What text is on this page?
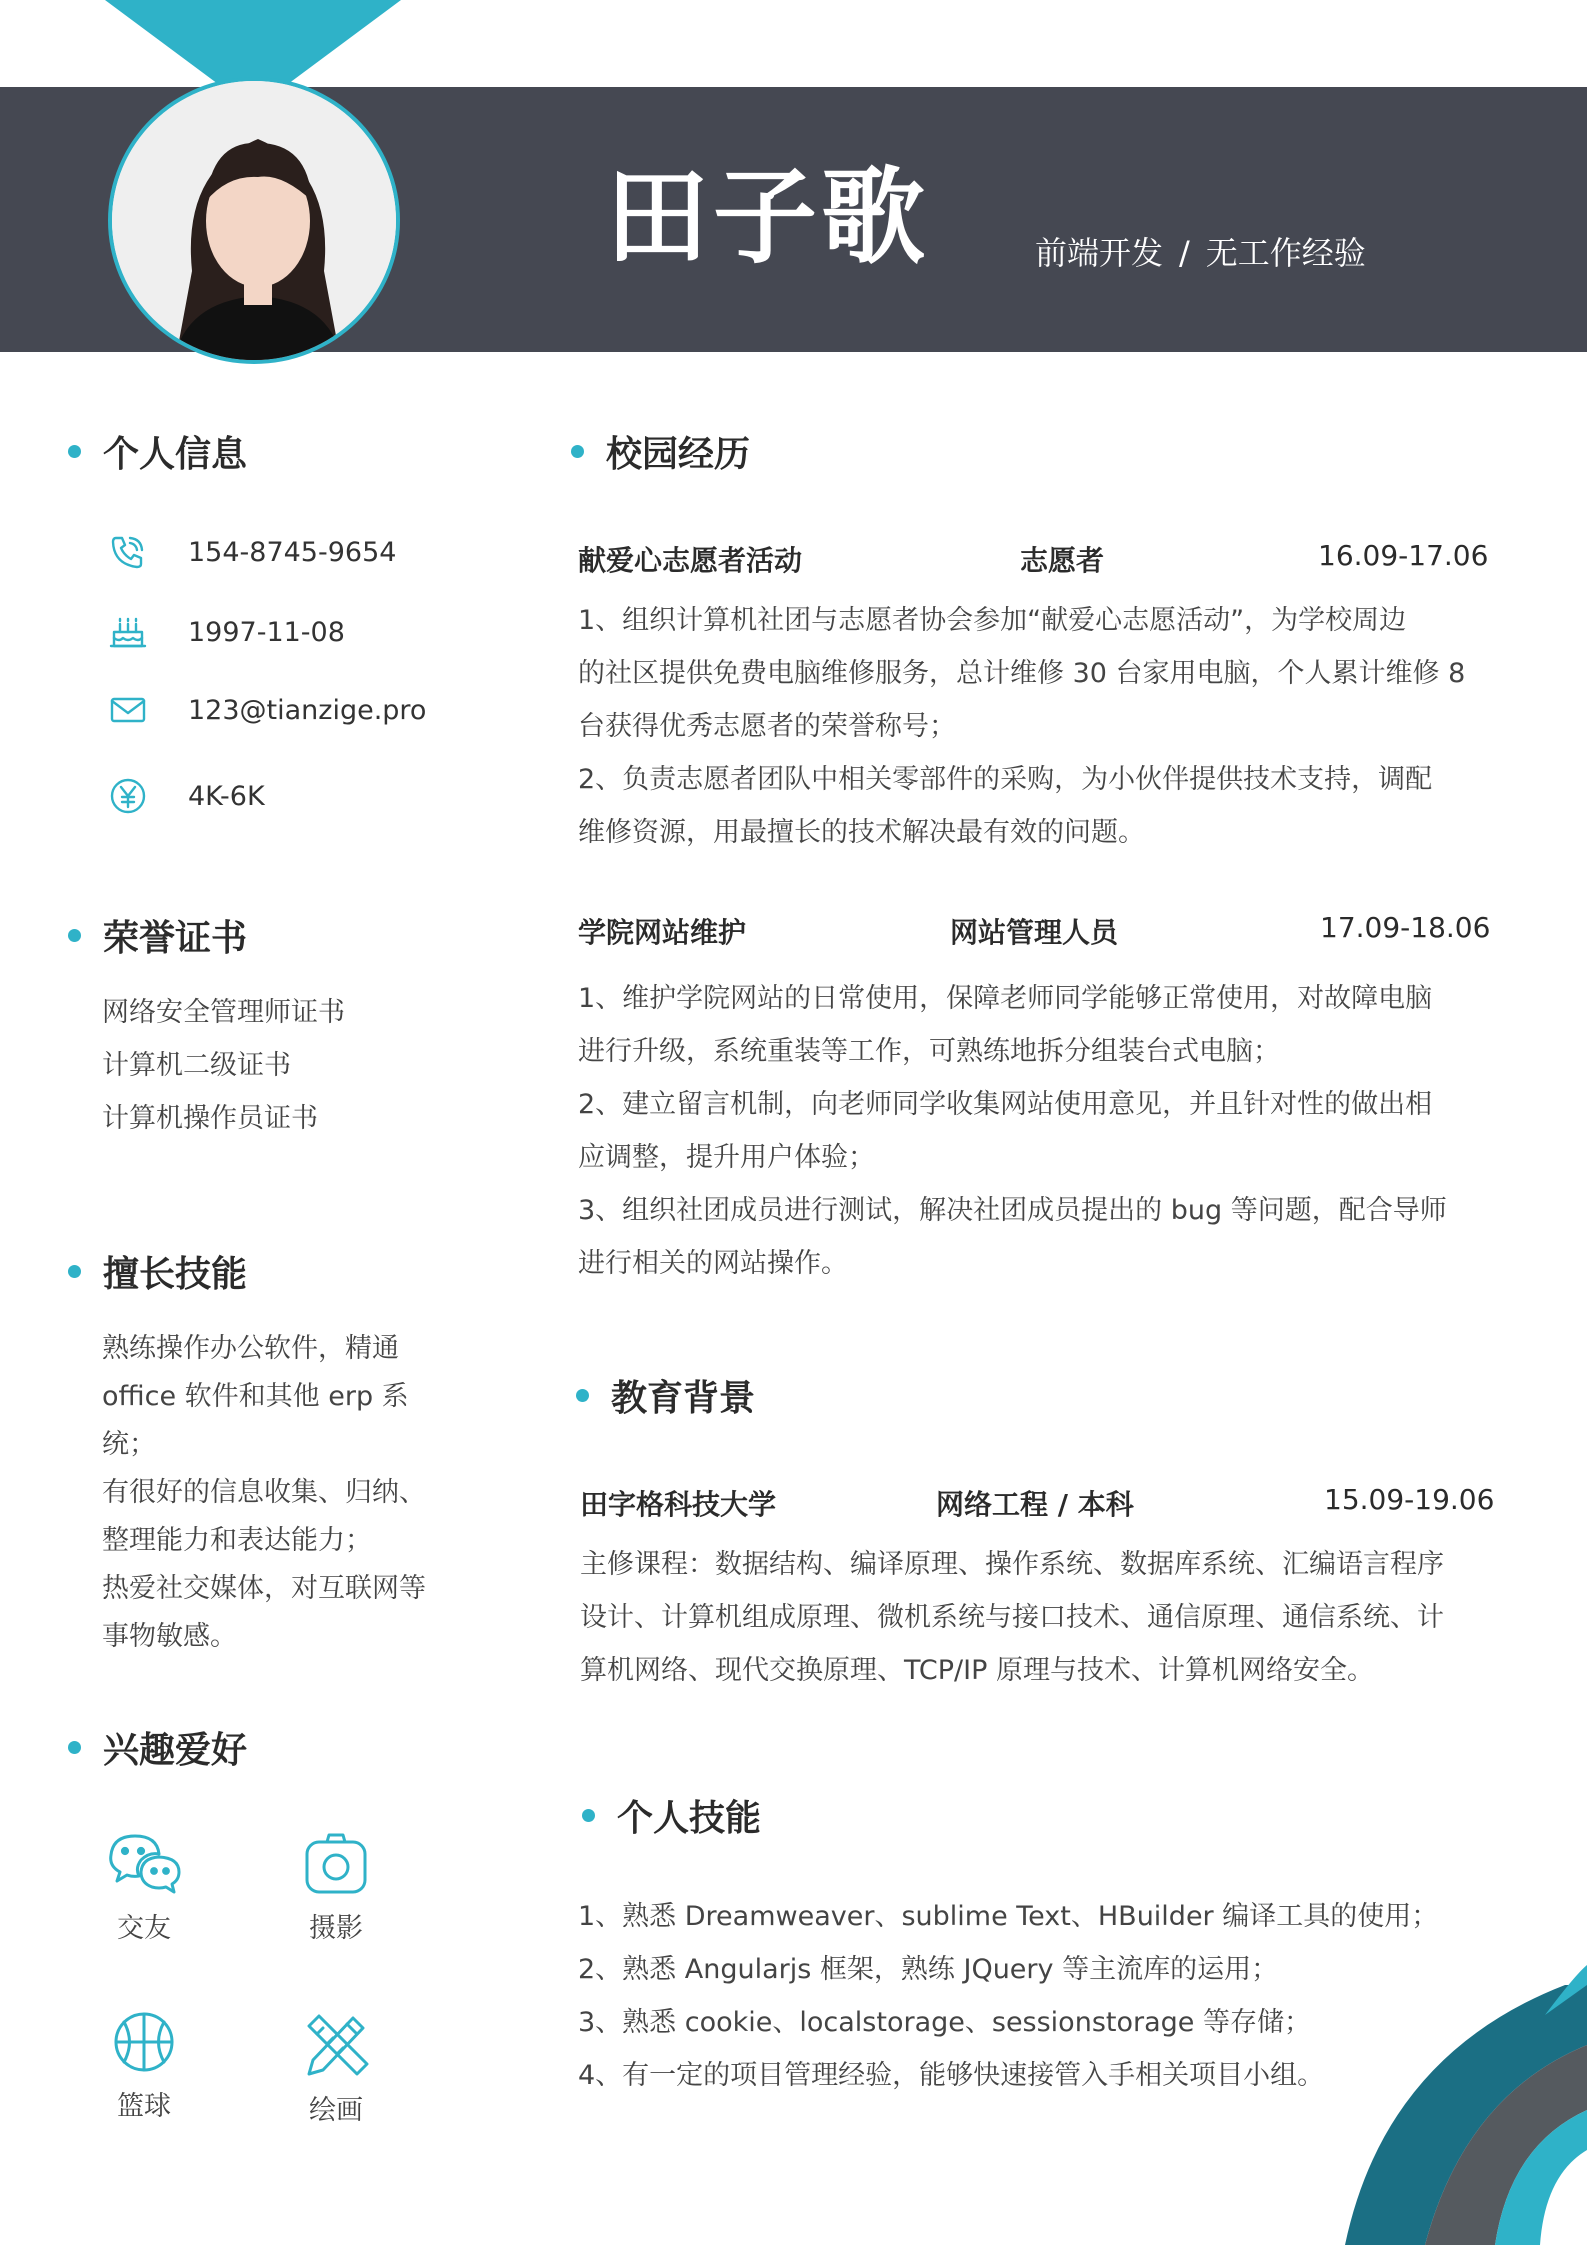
田子歌	前端开发 / 无工作经验
个人信息
154-8745-9654
1997-11-08
123@tianzige.pro
4K-6K
荣誉证书
网络安全管理师证书
计算机二级证书
计算机操作员证书
擅长技能
熟练操作办公软件，精通
office 软件和其他 erp 系统；
有很好的信息收集、归纳、
整理能力和表达能力；
热爱社交媒体，对互联网等
事物敏感。
兴趣爱好
交友	摄影
篮球	绘画
校园经历
献爱心志愿者活动	志愿者	16.09-17.06
1、组织计算机社团与志愿者协会参加“献爱心志愿活动”，为学校周边
的社区提供免费电脑维修服务，总计维修 30 台家用电脑，个人累计维修 8
台获得优秀志愿者的荣誉称号；
2、负责志愿者团队中相关零部件的采购，为小伙伴提供技术支持，调配
维修资源，用最擅长的技术解决最有效的问题。
学院网站维护	网站管理人员	17.09-18.06
1、维护学院网站的日常使用，保障老师同学能够正常使用，对故障电脑
进行升级，系统重装等工作，可熟练地拆分组装台式电脑；
2、建立留言机制，向老师同学收集网站使用意见，并且针对性的做出相
应调整，提升用户体验；
3、组织社团成员进行测试，解决社团成员提出的 bug 等问题，配合导师
进行相关的网站操作。
教育背景
田字格科技大学	网络工程 / 本科	15.09-19.06
主修课程：数据结构、编译原理、操作系统、数据库系统、汇编语言程序
设计、计算机组成原理、微机系统与接口技术、通信原理、通信系统、计
算机网络、现代交换原理、TCP/IP 原理与技术、计算机网络安全。
个人技能
1、熟悉 Dreamweaver、sublime Text、HBuilder 编译工具的使用；
2、熟悉 Angularjs 框架，熟练 JQuery 等主流库的运用；
3、熟悉 cookie、localstorage、sessionstorage 等存储；
4、有一定的项目管理经验，能够快速接管入手相关项目小组。
